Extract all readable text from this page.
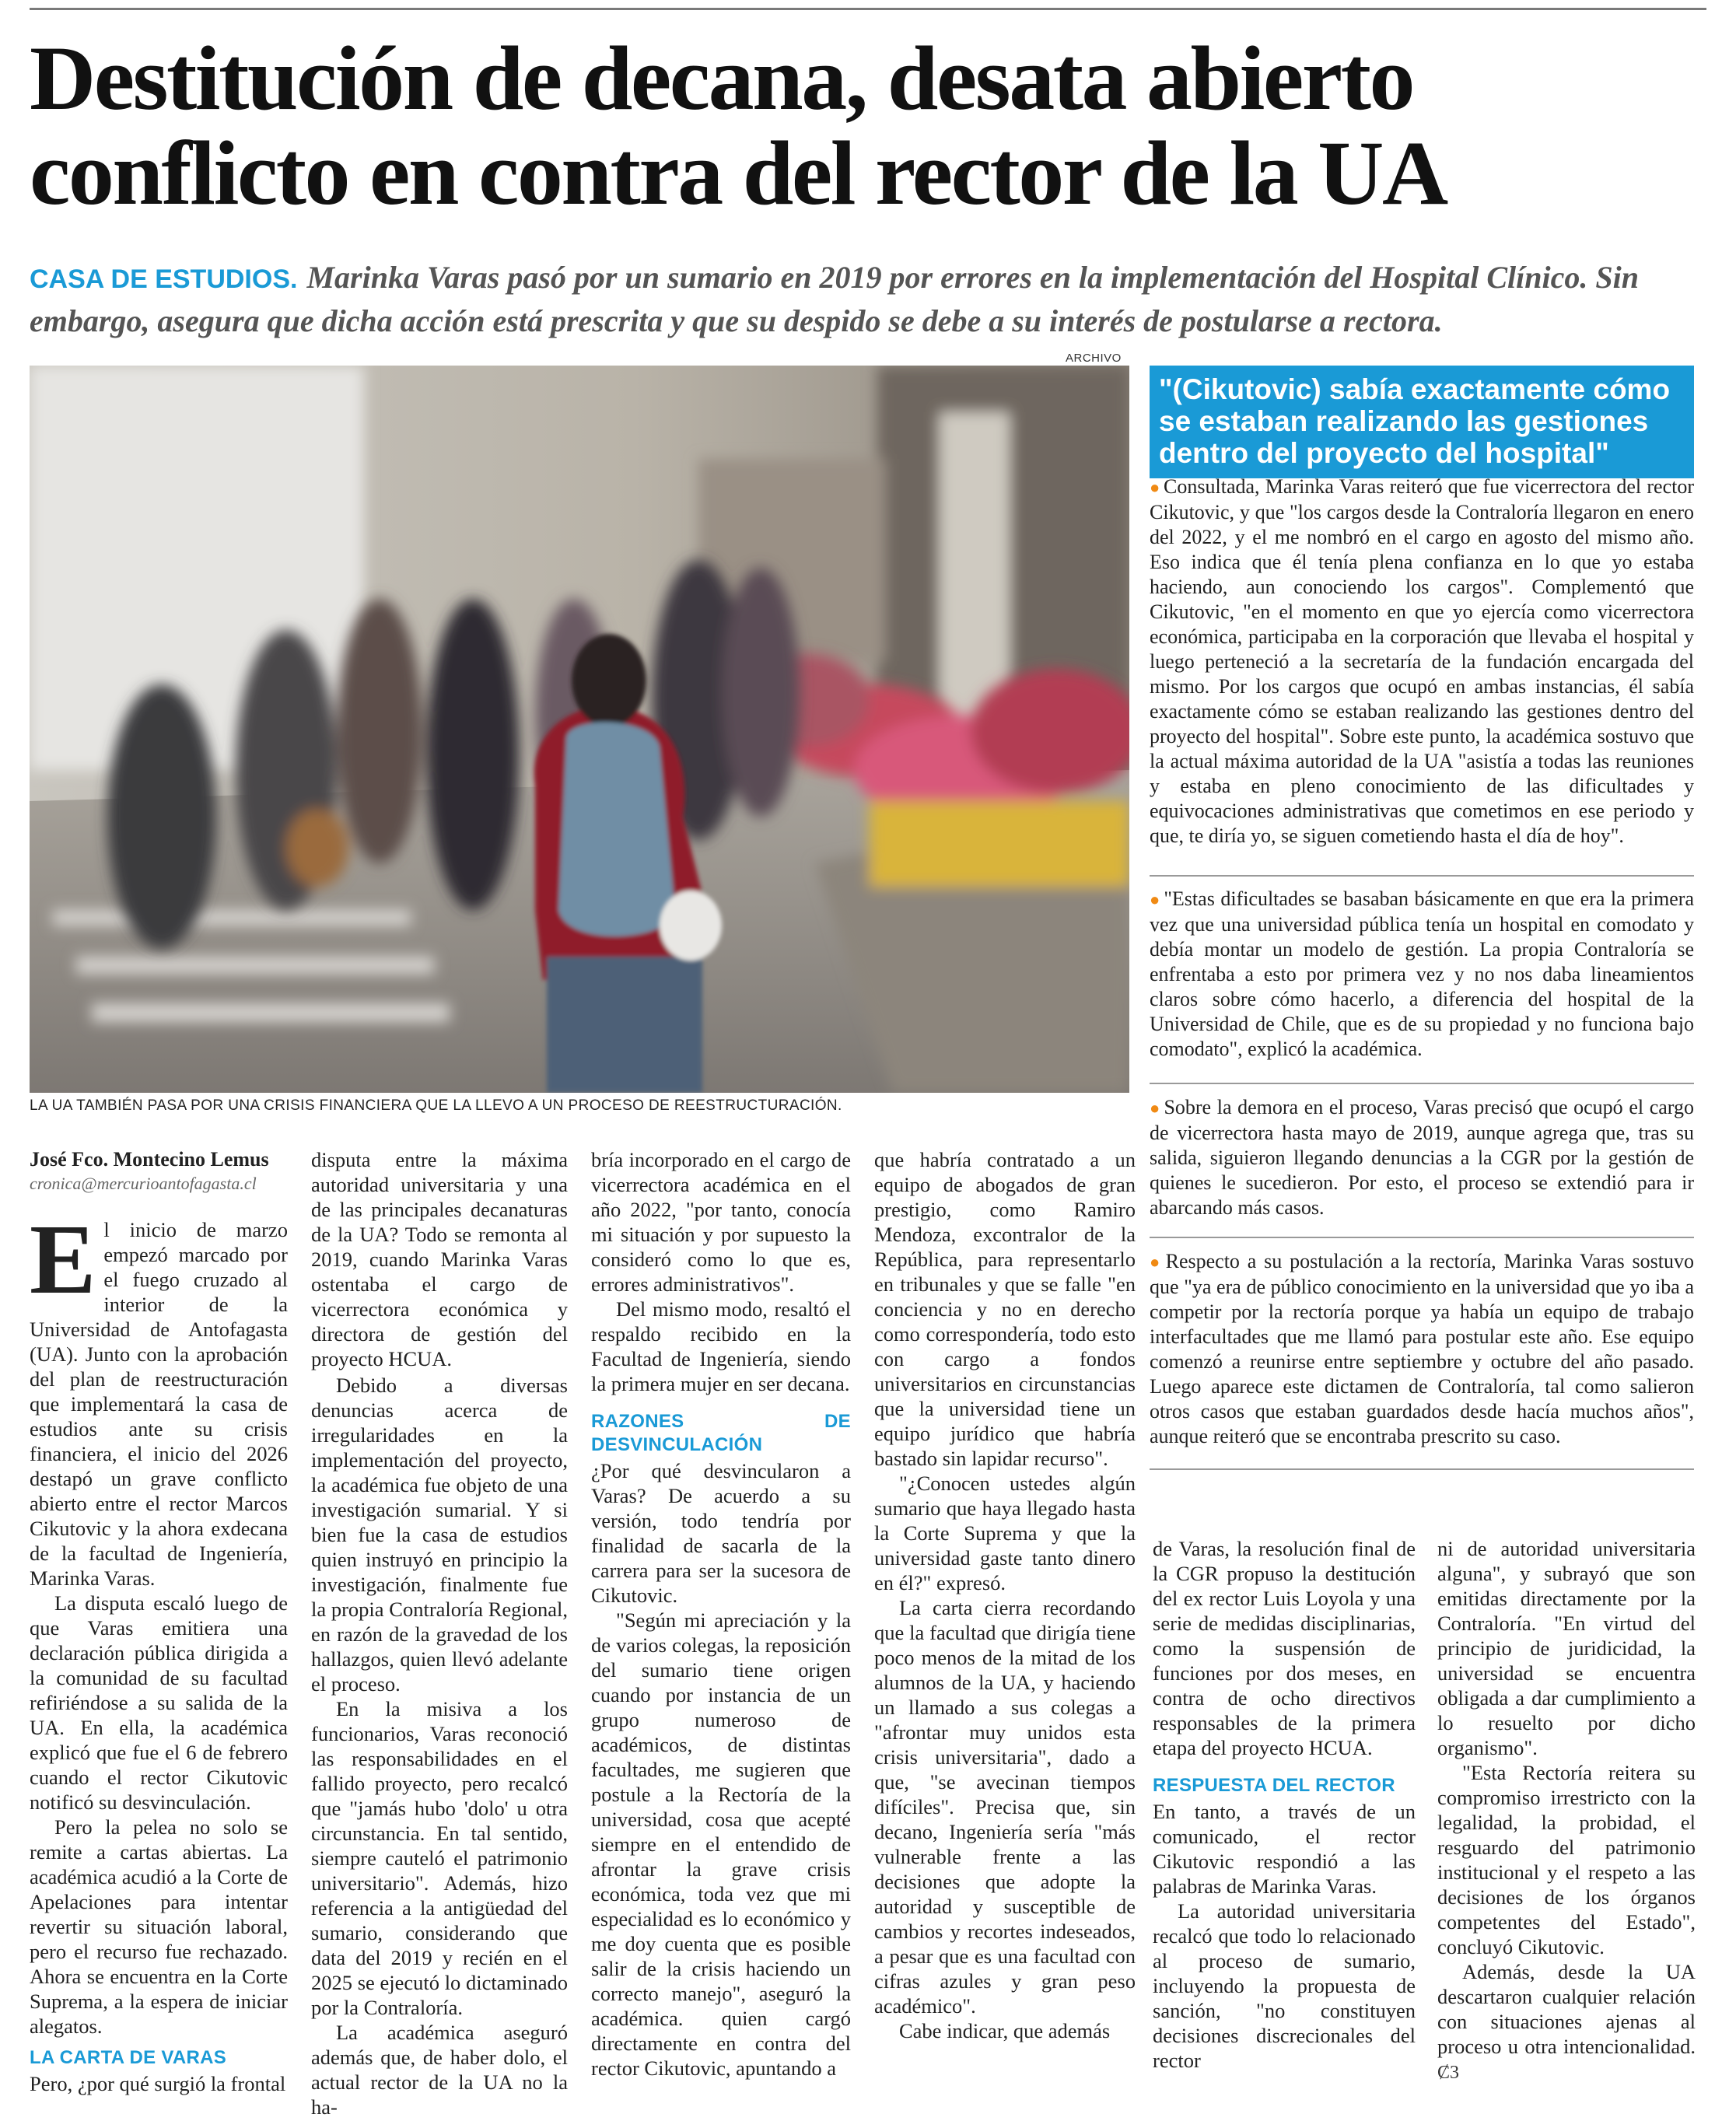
Destitución de decana, desata abierto conflicto en contra del rector de la UA
CASA DE ESTUDIOS. Marinka Varas pasó por un sumario en 2019 por errores en la implementación del Hospital Clínico. Sin embargo, asegura que dicha acción está prescrita y que su despido se debe a su interés de postularse a rectora.
ARCHIVO
LA UA TAMBIÉN PASA POR UNA CRISIS FINANCIERA QUE LA LLEVO A UN PROCESO DE REESTRUCTURACIÓN.
"(Cikutovic) sabía exactamente cómo se estaban realizando las gestiones dentro del proyecto del hospital"
José Fco. Montecino Lemus
cronica@mercurioantofagasta.cl

El inicio de marzo empezó marcado por el fuego cruzado al interior de la Universidad de Antofagasta (UA). Junto con la aprobación del plan de reestructuración que implementará la casa de estudios ante su crisis financiera, el inicio del 2026 destapó un grave conflicto abierto entre el rector Marcos Cikutovic y la ahora exdecana de la facultad de Ingeniería, Marinka Varas.

La disputa escaló luego de que Varas emitiera una declaración pública dirigida a la comunidad de su facultad refiriéndose a su salida de la UA. En ella, la académica explicó que fue el 6 de febrero cuando el rector Cikutovic notificó su desvinculación.

Pero la pelea no solo se remite a cartas abiertas. La académica acudió a la Corte de Apelaciones para intentar revertir su situación laboral, pero el recurso fue rechazado. Ahora se encuentra en la Corte Suprema, a la espera de iniciar alegatos.

LA CARTA DE VARAS

Pero, ¿por qué surgió la frontal

disputa entre la máxima autoridad universitaria y una de las principales decanaturas de la UA? Todo se remonta al 2019, cuando Marinka Varas ostentaba el cargo de vicerrectora económica y directora de gestión del proyecto HCUA.

Debido a diversas denuncias acerca de irregularidades en la implementación del proyecto, la académica fue objeto de una investigación sumarial. Y si bien fue la casa de estudios quien instruyó en principio la investigación, finalmente fue la propia Contraloría Regional, en razón de la gravedad de los hallazgos, quien llevó adelante el proceso.

En la misiva a los funcionarios, Varas reconoció las responsabilidades en el fallido proyecto, pero recalcó que "jamás hubo 'dolo' u otra circunstancia. En tal sentido, siempre cauteló el patrimonio universitario". Además, hizo referencia a la antigüedad del sumario, considerando que data del 2019 y recién en el 2025 se ejecutó lo dictaminado por la Contraloría.

La académica aseguró además que, de haber dolo, el actual rector de la UA no la ha-

bría incorporado en el cargo de vicerrectora académica en el año 2022, "por tanto, conocía mi situación y por supuesto la consideró como lo que es, errores administrativos".

Del mismo modo, resaltó el respaldo recibido en la Facultad de Ingeniería, siendo la primera mujer en ser decana.

RAZONES DE DESVINCULACIÓN

¿Por qué desvincularon a Varas? De acuerdo a su versión, todo tendría por finalidad de sacarla de la carrera para ser la sucesora de Cikutovic.

"Según mi apreciación y la de varios colegas, la reposición del sumario tiene origen cuando por instancia de un grupo numeroso de académicos, de distintas facultades, me sugieren que postule a la Rectoría de la universidad, cosa que acepté siempre en el entendido de afrontar la grave crisis económica, toda vez que mi especialidad es lo económico y me doy cuenta que es posible salir de la crisis haciendo un correcto manejo", aseguró la académica. quien cargó directamente en contra del rector Cikutovic, apuntando a

que habría contratado a un equipo de abogados de gran prestigio, como Ramiro Mendoza, excontralor de la República, para representarlo en tribunales y que se falle "en conciencia y no en derecho como correspondería, todo esto con cargo a fondos universitarios en circunstancias que la universidad tiene un equipo jurídico que habría bastado sin lapidar recurso".

"¿Conocen ustedes algún sumario que haya llegado hasta la Corte Suprema y que la universidad gaste tanto dinero en él?" expresó.

La carta cierra recordando que la facultad que dirigía tiene poco menos de la mitad de los alumnos de la UA, y haciendo un llamado a sus colegas a "afrontar muy unidos esta crisis universitaria", dado a que, "se avecinan tiempos difíciles". Precisa que, sin decano, Ingeniería sería "más vulnerable frente a las decisiones que adopte la autoridad y susceptible de cambios y recortes indeseados, a pesar que es una facultad con cifras azules y gran peso académico".

Cabe indicar, que además

● Consultada, Marinka Varas reiteró que fue vicerrectora del rector Cikutovic, y que "los cargos desde la Contraloría llegaron en enero del 2022, y el me nombró en el cargo en agosto del mismo año. Eso indica que él tenía plena confianza en lo que yo estaba haciendo, aun conociendo los cargos". Complementó que Cikutovic, "en el momento en que yo ejercía como vicerrectora económica, participaba en la corporación que llevaba el hospital y luego perteneció a la secretaría de la fundación encargada del mismo. Por los cargos que ocupó en ambas instancias, él sabía exactamente cómo se estaban realizando las gestiones dentro del proyecto del hospital". Sobre este punto, la académica sostuvo que la actual máxima autoridad de la UA "asistía a todas las reuniones y estaba en pleno conocimiento de las dificultades y equivocaciones administrativas que cometimos en ese periodo y que, te diría yo, se siguen cometiendo hasta el día de hoy".

● "Estas dificultades se basaban básicamente en que era la primera vez que una universidad pública tenía un hospital en comodato y debía montar un modelo de gestión. La propia Contraloría se enfrentaba a esto por primera vez y no nos daba lineamientos claros sobre cómo hacerlo, a diferencia del hospital de la Universidad de Chile, que es de su propiedad y no funciona bajo comodato", explicó la académica.

● Sobre la demora en el proceso, Varas precisó que ocupó el cargo de vicerrectora hasta mayo de 2019, aunque agrega que, tras su salida, siguieron llegando denuncias a la CGR por la gestión de quienes le sucedieron. Por esto, el proceso se extendió para ir abarcando más casos.

● Respecto a su postulación a la rectoría, Marinka Varas sostuvo que "ya era de público conocimiento en la universidad que yo iba a competir por la rectoría porque ya había un equipo de trabajo interfacultades que me llamó para postular este año. Ese equipo comenzó a reunirse entre septiembre y octubre del año pasado. Luego aparece este dictamen de Contraloría, tal como salieron otros casos que estaban guardados desde hacía muchos años", aunque reiteró que se encontraba prescrito su caso.

de Varas, la resolución final de la CGR propuso la destitución del ex rector Luis Loyola y una serie de medidas disciplinarias, como la suspensión de funciones por dos meses, en contra de ocho directivos responsables de la primera etapa del proyecto HCUA.

RESPUESTA DEL RECTOR

En tanto, a través de un comunicado, el rector Cikutovic respondió a las palabras de Marinka Varas.

La autoridad universitaria recalcó que todo lo relacionado al proceso de sumario, incluyendo la propuesta de sanción, "no constituyen decisiones discrecionales del rector

ni de autoridad universitaria alguna", y subrayó que son emitidas directamente por la Contraloría. "En virtud del principio de juridicidad, la universidad se encuentra obligada a dar cumplimiento a lo resuelto por dicho organismo".

"Esta Rectoría reitera su compromiso irrestricto con la legalidad, la probidad, el resguardo del patrimonio institucional y el respeto a las decisiones de los órganos competentes del Estado", concluyó Cikutovic.

Además, desde la UA descartaron cualquier relación con situaciones ajenas al proceso u otra intencionalidad. Ȼ3
